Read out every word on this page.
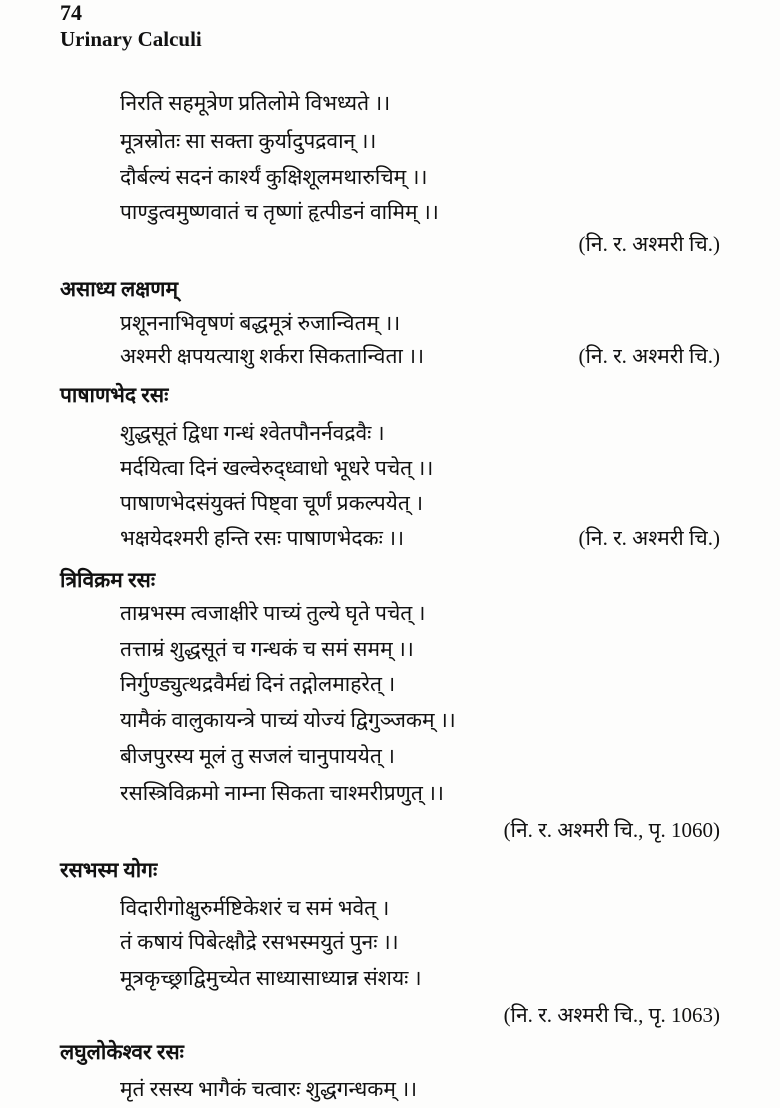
74
Urinary Calculi
निरति सहमूत्रेण प्रतिलोमे विभध्यते ।।
मूत्रस्रोतः सा सक्ता कुर्यादुपद्रवान् ।।
दौर्बल्यं सदनं कार्श्यं कुक्षिशूलमथारुचिम् ।।
पाण्डुत्वमुष्णवातं च तृष्णां हृत्पीडनं वामिम् ।।
(नि. र. अश्मरी चि.)
असाध्य लक्षणम्
प्रशूननाभिवृषणं बद्धमूत्रं रुजान्वितम् ।।
अश्मरी क्षपयत्याशु शर्करा सिकतान्विता ।।	(नि. र. अश्मरी चि.)
पाषाणभेद रसः
शुद्धसूतं द्विधा गन्धं श्वेतपौनर्नवद्रवैः ।
मर्दयित्वा दिनं खल्वेरुद्ध्वाधो भूधरे पचेत् ।।
पाषाणभेदसंयुक्तं पिष्ट्वा चूर्णं प्रकल्पयेत् ।
भक्षयेदश्मरी हन्ति रसः पाषाणभेदकः ।।	(नि. र. अश्मरी चि.)
त्रिविक्रम रसः
ताम्रभस्म त्वजाक्षीरे पाच्यं तुल्ये घृते पचेत् ।
तत्ताम्रं शुद्धसूतं च गन्धकं च समं समम् ।।
निर्गुण्ड्युत्थद्रवैर्मद्यं दिनं तद्गोलमाहरेत् ।
यामैकं वालुकायन्त्रे पाच्यं योज्यं द्विगुञ्जकम् ।।
बीजपुरस्य मूलं तु सजलं चानुपाययेत् ।
रसस्त्रिविक्रमो नाम्ना सिकता चाश्मरीप्रणुत् ।।
(नि. र. अश्मरी चि., पृ. 1060)
रसभस्म योगः
विदारीगोक्षुरुर्मष्टिकेशरं च समं भवेत् ।
तं कषायं पिबेत्क्षौद्रे रसभस्मयुतं पुनः ।।
मूत्रकृच्छ्राद्विमुच्येत साध्यासाध्यान्न संशयः ।
(नि. र. अश्मरी चि., पृ. 1063)
लघुलोकेश्वर रसः
मृतं रसस्य भागैकं चत्वारः शुद्धगन्धकम् ।।
